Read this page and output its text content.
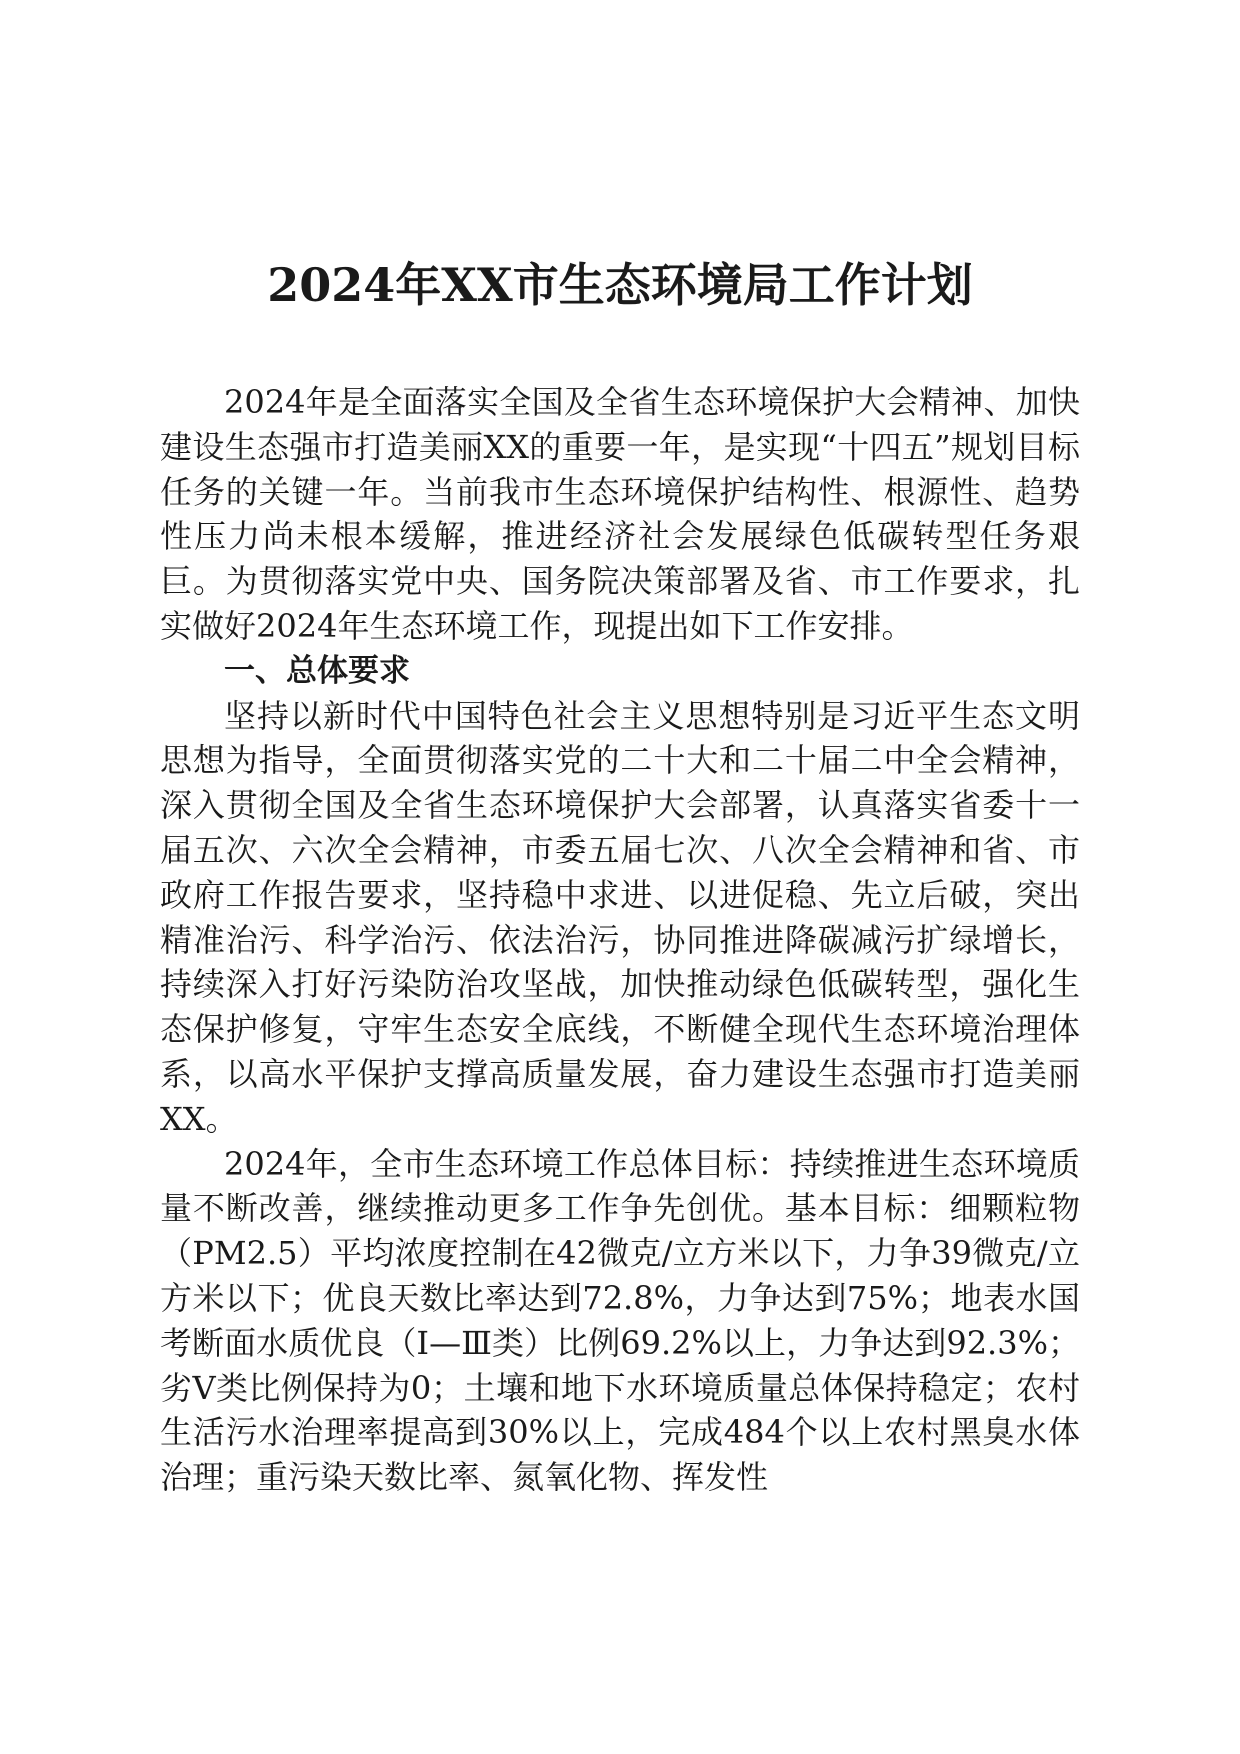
2024年XX市生态环境局工作计划

2024年是全面落实全国及全省生态环境保护大会精神、加快建设生态强市打造美丽XX的重要一年，是实现“十四五”规划目标任务的关键一年。当前我市生态环境保护结构性、根源性、趋势性压力尚未根本缓解，推进经济社会发展绿色低碳转型任务艰巨。为贯彻落实党中央、国务院决策部署及省、市工作要求，扎实做好2024年生态环境工作，现提出如下工作安排。

一、总体要求

坚持以新时代中国特色社会主义思想特别是习近平生态文明思想为指导，全面贯彻落实党的二十大和二十届二中全会精神，深入贯彻全国及全省生态环境保护大会部署，认真落实省委十一届五次、六次全会精神，市委五届七次、八次全会精神和省、市政府工作报告要求，坚持稳中求进、以进促稳、先立后破，突出精准治污、科学治污、依法治污，协同推进降碳减污扩绿增长，持续深入打好污染防治攻坚战，加快推动绿色低碳转型，强化生态保护修复，守牢生态安全底线，不断健全现代生态环境治理体系，以高水平保护支撑高质量发展，奋力建设生态强市打造美丽XX。

2024年，全市生态环境工作总体目标：持续推进生态环境质量不断改善，继续推动更多工作争先创优。基本目标：细颗粒物（PM2.5）平均浓度控制在42微克/立方米以下，力争39微克/立方米以下；优良天数比率达到72.8%，力争达到75%；地表水国考断面水质优良（Ⅰ—Ⅲ类）比例69.2%以上，力争达到92.3%；劣Ⅴ类比例保持为0；土壤和地下水环境质量总体保持稳定；农村生活污水治理率提高到30%以上，完成484个以上农村黑臭水体治理；重污染天数比率、氮氧化物、挥发性
